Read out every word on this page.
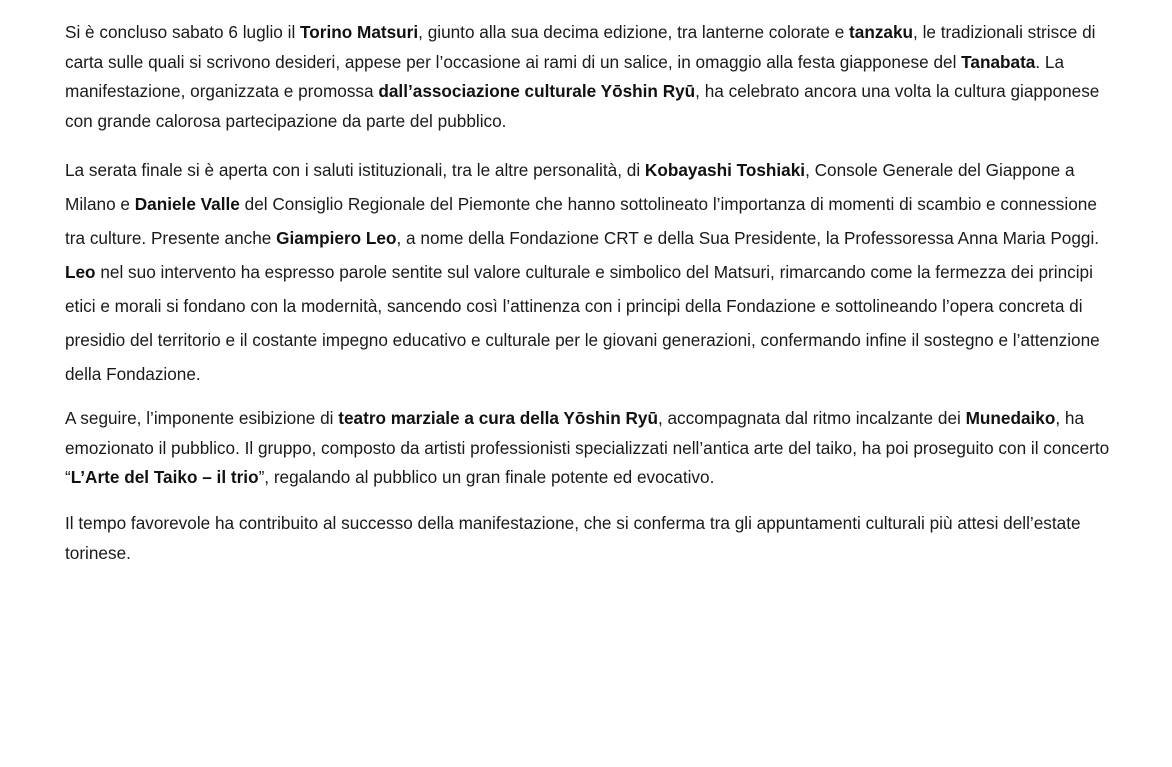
Si è concluso sabato 6 luglio il Torino Matsuri, giunto alla sua decima edizione, tra lanterne colorate e tanzaku, le tradizionali strisce di carta sulle quali si scrivono desideri, appese per l’occasione ai rami di un salice, in omaggio alla festa giapponese del Tanabata. La manifestazione, organizzata e promossa dall’associazione culturale Yōshin Ryū, ha celebrato ancora una volta la cultura giapponese con grande calorosa partecipazione da parte del pubblico.

La serata finale si è aperta con i saluti istituzionali, tra le altre personalità, di Kobayashi Toshiaki, Console Generale del Giappone a Milano e Daniele Valle del Consiglio Regionale del Piemonte che hanno sottolineato l’importanza di momenti di scambio e connessione tra culture. Presente anche Giampiero Leo, a nome della Fondazione CRT e della Sua Presidente, la Professoressa Anna Maria Poggi. Leo nel suo intervento ha espresso parole sentite sul valore culturale e simbolico del Matsuri, rimarcando come la fermezza dei principi etici e morali si fondano con la modernità, sancendo così l’attinenza con i principi della Fondazione e sottolineando l’opera concreta di presidio del territorio e il costante impegno educativo e culturale per le giovani generazioni, confermando infine il sostegno e l’attenzione della Fondazione.

A seguire, l’imponente esibizione di teatro marziale a cura della Yōshin Ryū, accompagnata dal ritmo incalzante dei Munedaiko, ha emozionato il pubblico. Il gruppo, composto da artisti professionisti specializzati nell’antica arte del taiko, ha poi proseguito con il concerto “L’Arte del Taiko – il trio”, regalando al pubblico un gran finale potente ed evocativo.

Il tempo favorevole ha contribuito al successo della manifestazione, che si conferma tra gli appuntamenti culturali più attesi dell’estate torinese.
